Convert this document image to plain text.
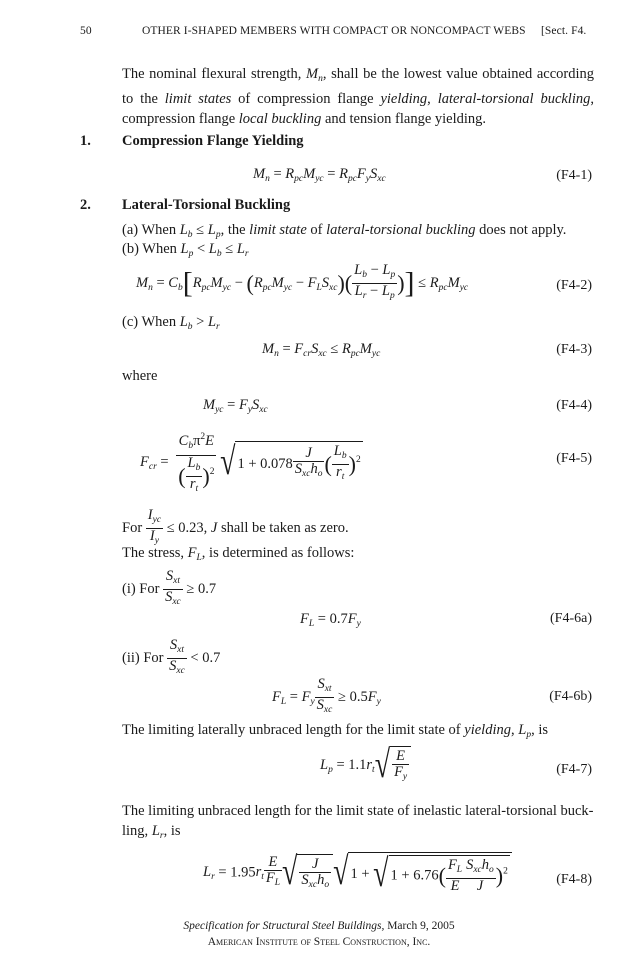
50	OTHER I-SHAPED MEMBERS WITH COMPACT OR NONCOMPACT WEBS [Sect. F4.
The nominal flexural strength, $M_n$, shall be the lowest value obtained according to the limit states of compression flange yielding, lateral-torsional buckling, compression flange local buckling and tension flange yielding.
1. Compression Flange Yielding
$M_n = R_{pc}M_{yc} = R_{pc}F_yS_{xc}$	(F4-1)
2. Lateral-Torsional Buckling
(a) When $L_b \le L_p$, the limit state of lateral-torsional buckling does not apply.
(b) When $L_p < L_b \le L_r$
$M_n = C_b[R_{pc}M_{yc} - (R_{pc}M_{yc} - F_LS_{xc})( \frac{L_b - L_p}{L_r - L_p}$ )] ≤ $R_{pc}M_{yc}$	(F4-2)
(c) When $L_b > L_r$
$M_n = F_{cr}S_{xc} \le R_{pc}M_{yc}$	(F4-3)
where
$M_{yc} = F_yS_{xc}$	(F4-4)
$F_{cr} = \frac{C_b\pi^2E}{( \frac{L_b}{r_t} )^2}$ √ $1 + 0.078 \frac{J}{S_{xc}h_o}$ ( $\frac{L_b}{r_t} )^2$	(F4-5)
For $\frac{I_{yc}}{I_y} \le 0.23$, J shall be taken as zero.
The stress, $F_L$, is determined as follows:
(i) For $\frac{S_{xt}}{S_{xc}} \ge 0.7$
$F_L = 0.7F_y$	(F4-6a)
(ii) For $\frac{S_{xt}}{S_{xc}} < 0.7$
$F_L = F_y \frac{S_{xt}}{S_{xc}} \ge 0.5F_y$	(F4-6b)
The limiting laterally unbraced length for the limit state of yielding, $L_p$, is
$L_p = 1.1r_t√ \frac{E}{F_y}$	(F4-7)
The limiting unbraced length for the limit state of inelastic lateral-torsional buck-
ling, $L_r$, is
$L_r = 1.95r_t \frac{E}{F_L}$ √ $\frac{J}{S_{xc}h_o}$ √ 1 + √ $1 + 6.76( \frac{F_L}{E} \frac{S_{xc}h_o}{J} )^2$
(F4-8)
Specification for Structural Steel Buildings, March 9, 2005
American Institute of Steel Construction, Inc.
